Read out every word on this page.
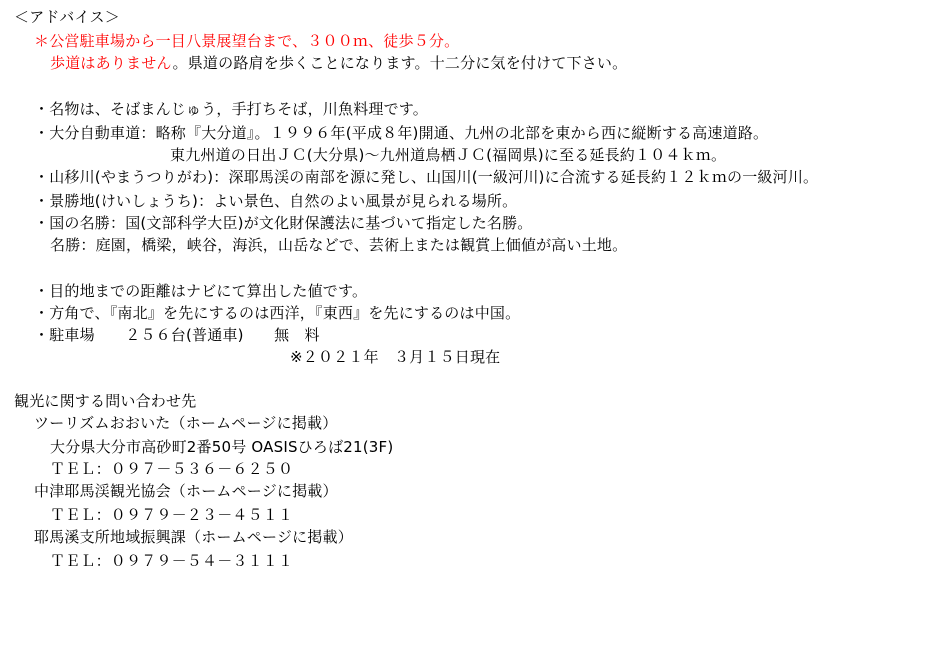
＜アドバイス＞
＊公営駐車場から一目八景展望台まで、３００ｍ、徒歩５分。
歩道はありません。県道の路肩を歩くことになります。十二分に気を付けて下さい。
・名物は、そばまんじゅう，手打ちそば，川魚料理です。
・大分自動車道：略称『大分道』。１９９６年(平成８年)開通、九州の北部を東から西に縦断する高速道路。
東九州道の日出ＪＣ(大分県)～九州道鳥栖ＪＣ(福岡県)に至る延長約１０４ｋｍ。
・山移川(やまうつりがわ)：深耶馬渓の南部を源に発し、山国川(一級河川)に合流する延長約１２ｋｍの一級河川。
・景勝地(けいしょうち)：よい景色、自然のよい風景が見られる場所。
・国の名勝：国(文部科学大臣)が文化財保護法に基づいて指定した名勝。
名勝：庭園，橋梁，峡谷，海浜，山岳などで、芸術上または観賞上価値が高い土地。
・目的地までの距離はナビにて算出した値です。
・方角で、『南北』を先にするのは西洋，『東西』を先にするのは中国。
・駐車場　　２５６台(普通車)　　無　料
※２０２１年　３月１５日現在
観光に関する問い合わせ先
ツーリズムおおいた（ホームページに掲載）
大分県大分市高砂町2番50号 OASISひろば21(3F)
ＴＥＬ：０９７－５３６－６２５０
中津耶馬渓観光協会（ホームページに掲載）
ＴＥＬ：０９７９－２３－４５１１
耶馬溪支所地域振興課（ホームページに掲載）
ＴＥＬ：０９７９－５４－３１１１
